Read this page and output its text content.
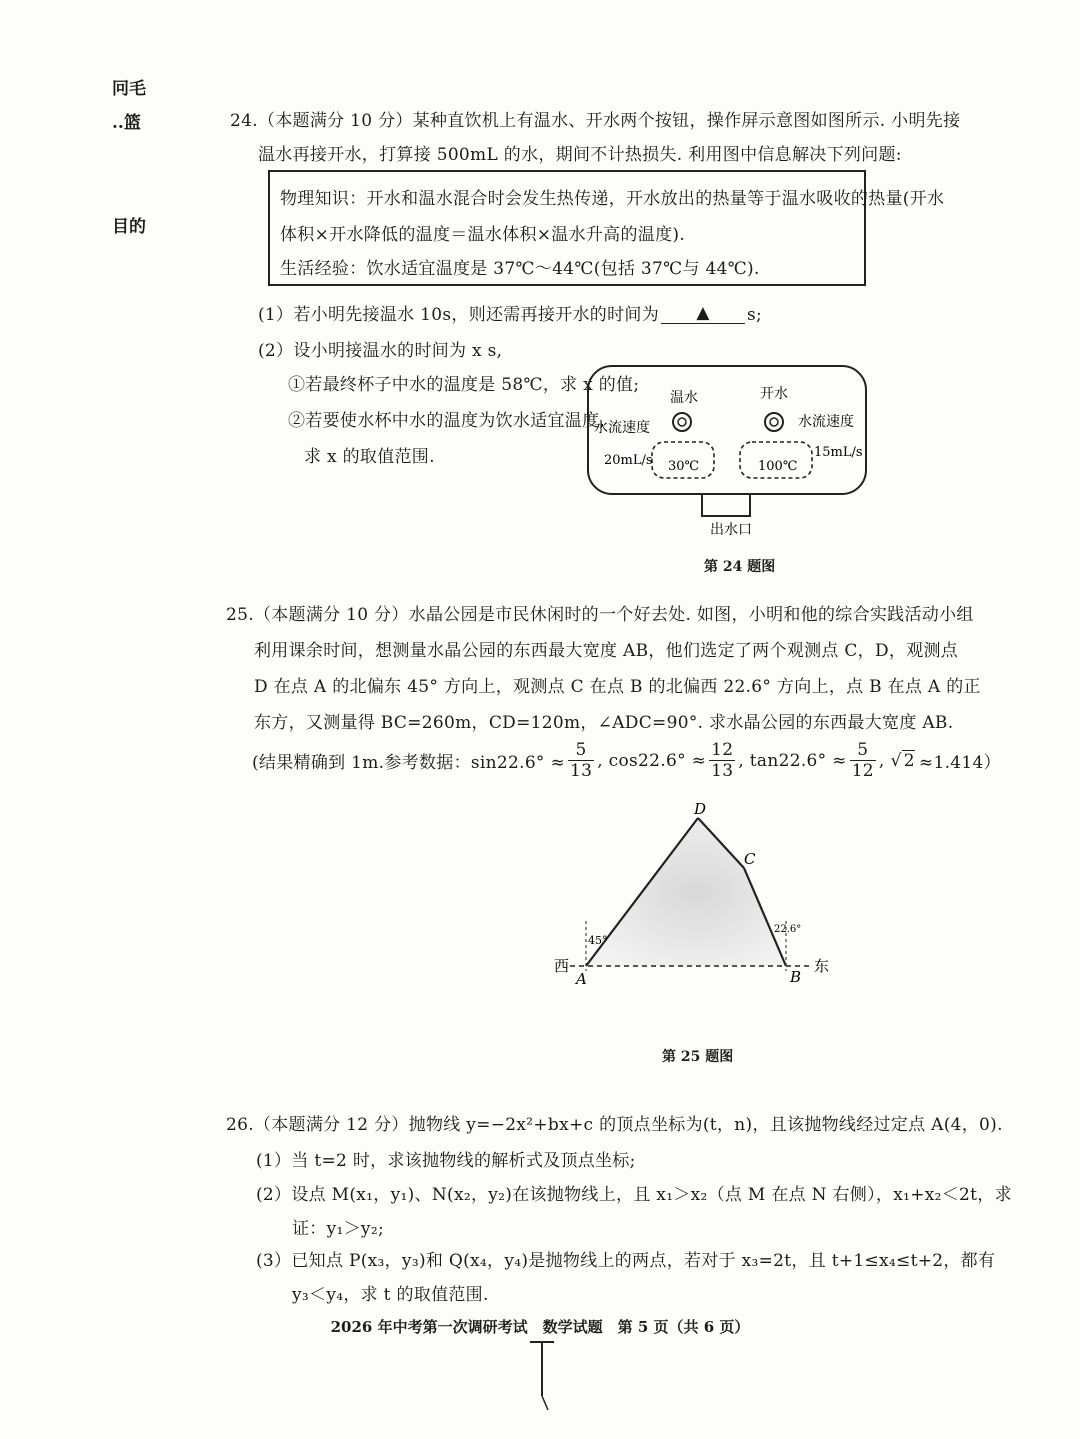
冋毛
..篮
目的
24.（本题满分 10 分）某种直饮机上有温水、开水两个按钮，操作屏示意图如图所示. 小明先接
温水再接开水，打算接 500mL 的水，期间不计热损失. 利用图中信息解决下列问题:
物理知识：开水和温水混合时会发生热传递，开水放出的热量等于温水吸收的热量(开水
体积×开水降低的温度＝温水体积×温水升高的温度).
生活经验：饮水适宜温度是 37℃～44℃(包括 37℃与 44℃).
(1）若小明先接温水 10s，则还需再接开水的时间为 ▲ s;
(2）设小明接温水的时间为 x s,
①若最终杯子中水的温度是 58℃，求 x 的值;
②若要使水杯中水的温度为饮水适宜温度,
求 x 的取值范围.
温水	开水
水流速度	水流速度
20mL/s
15mL/s
30℃	100℃
出水口
第 24 题图
25.（本题满分 10 分）水晶公园是市民休闲时的一个好去处. 如图，小明和他的综合实践活动小组
利用课余时间，想测量水晶公园的东西最大宽度 AB，他们选定了两个观测点 C，D，观测点
D 在点 A 的北偏东 45° 方向上，观测点 C 在点 B 的北偏西 22.6° 方向上，点 B 在点 A 的正
东方，又测量得 BC=260m，CD=120m，∠ADC=90°. 求水晶公园的东西最大宽度 AB.
(结果精确到 1m.参考数据：$\sin 22.6^\circ \approx \frac{5}{13}$ , $\cos 22.6^\circ \approx \frac{12}{13}$ , $\tan 22.6^\circ \approx \frac{5}{12}$ , √ 2 ≈1.414）
D
C
A	B
西	东
45°
22.6°
第 25 题图
26.（本题满分 12 分）抛物线 y=−2x²+bx+c 的顶点坐标为(t，n)，且该抛物线经过定点 A(4，0).
(1）当 t=2 时，求该抛物线的解析式及顶点坐标;
(2）设点 M(x₁，y₁)、N(x₂，y₂)在该抛物线上，且 x₁＞x₂（点 M 在点 N 右侧），x₁+x₂＜2t，求
证：y₁＞y₂;
(3）已知点 P(x₃，y₃)和 Q(x₄，y₄)是抛物线上的两点，若对于 x₃=2t，且 t+1≤x₄≤t+2，都有
y₃＜y₄，求 t 的取值范围.
2026 年中考第一次调研考试　数学试题　第 5 页（共 6 页）
